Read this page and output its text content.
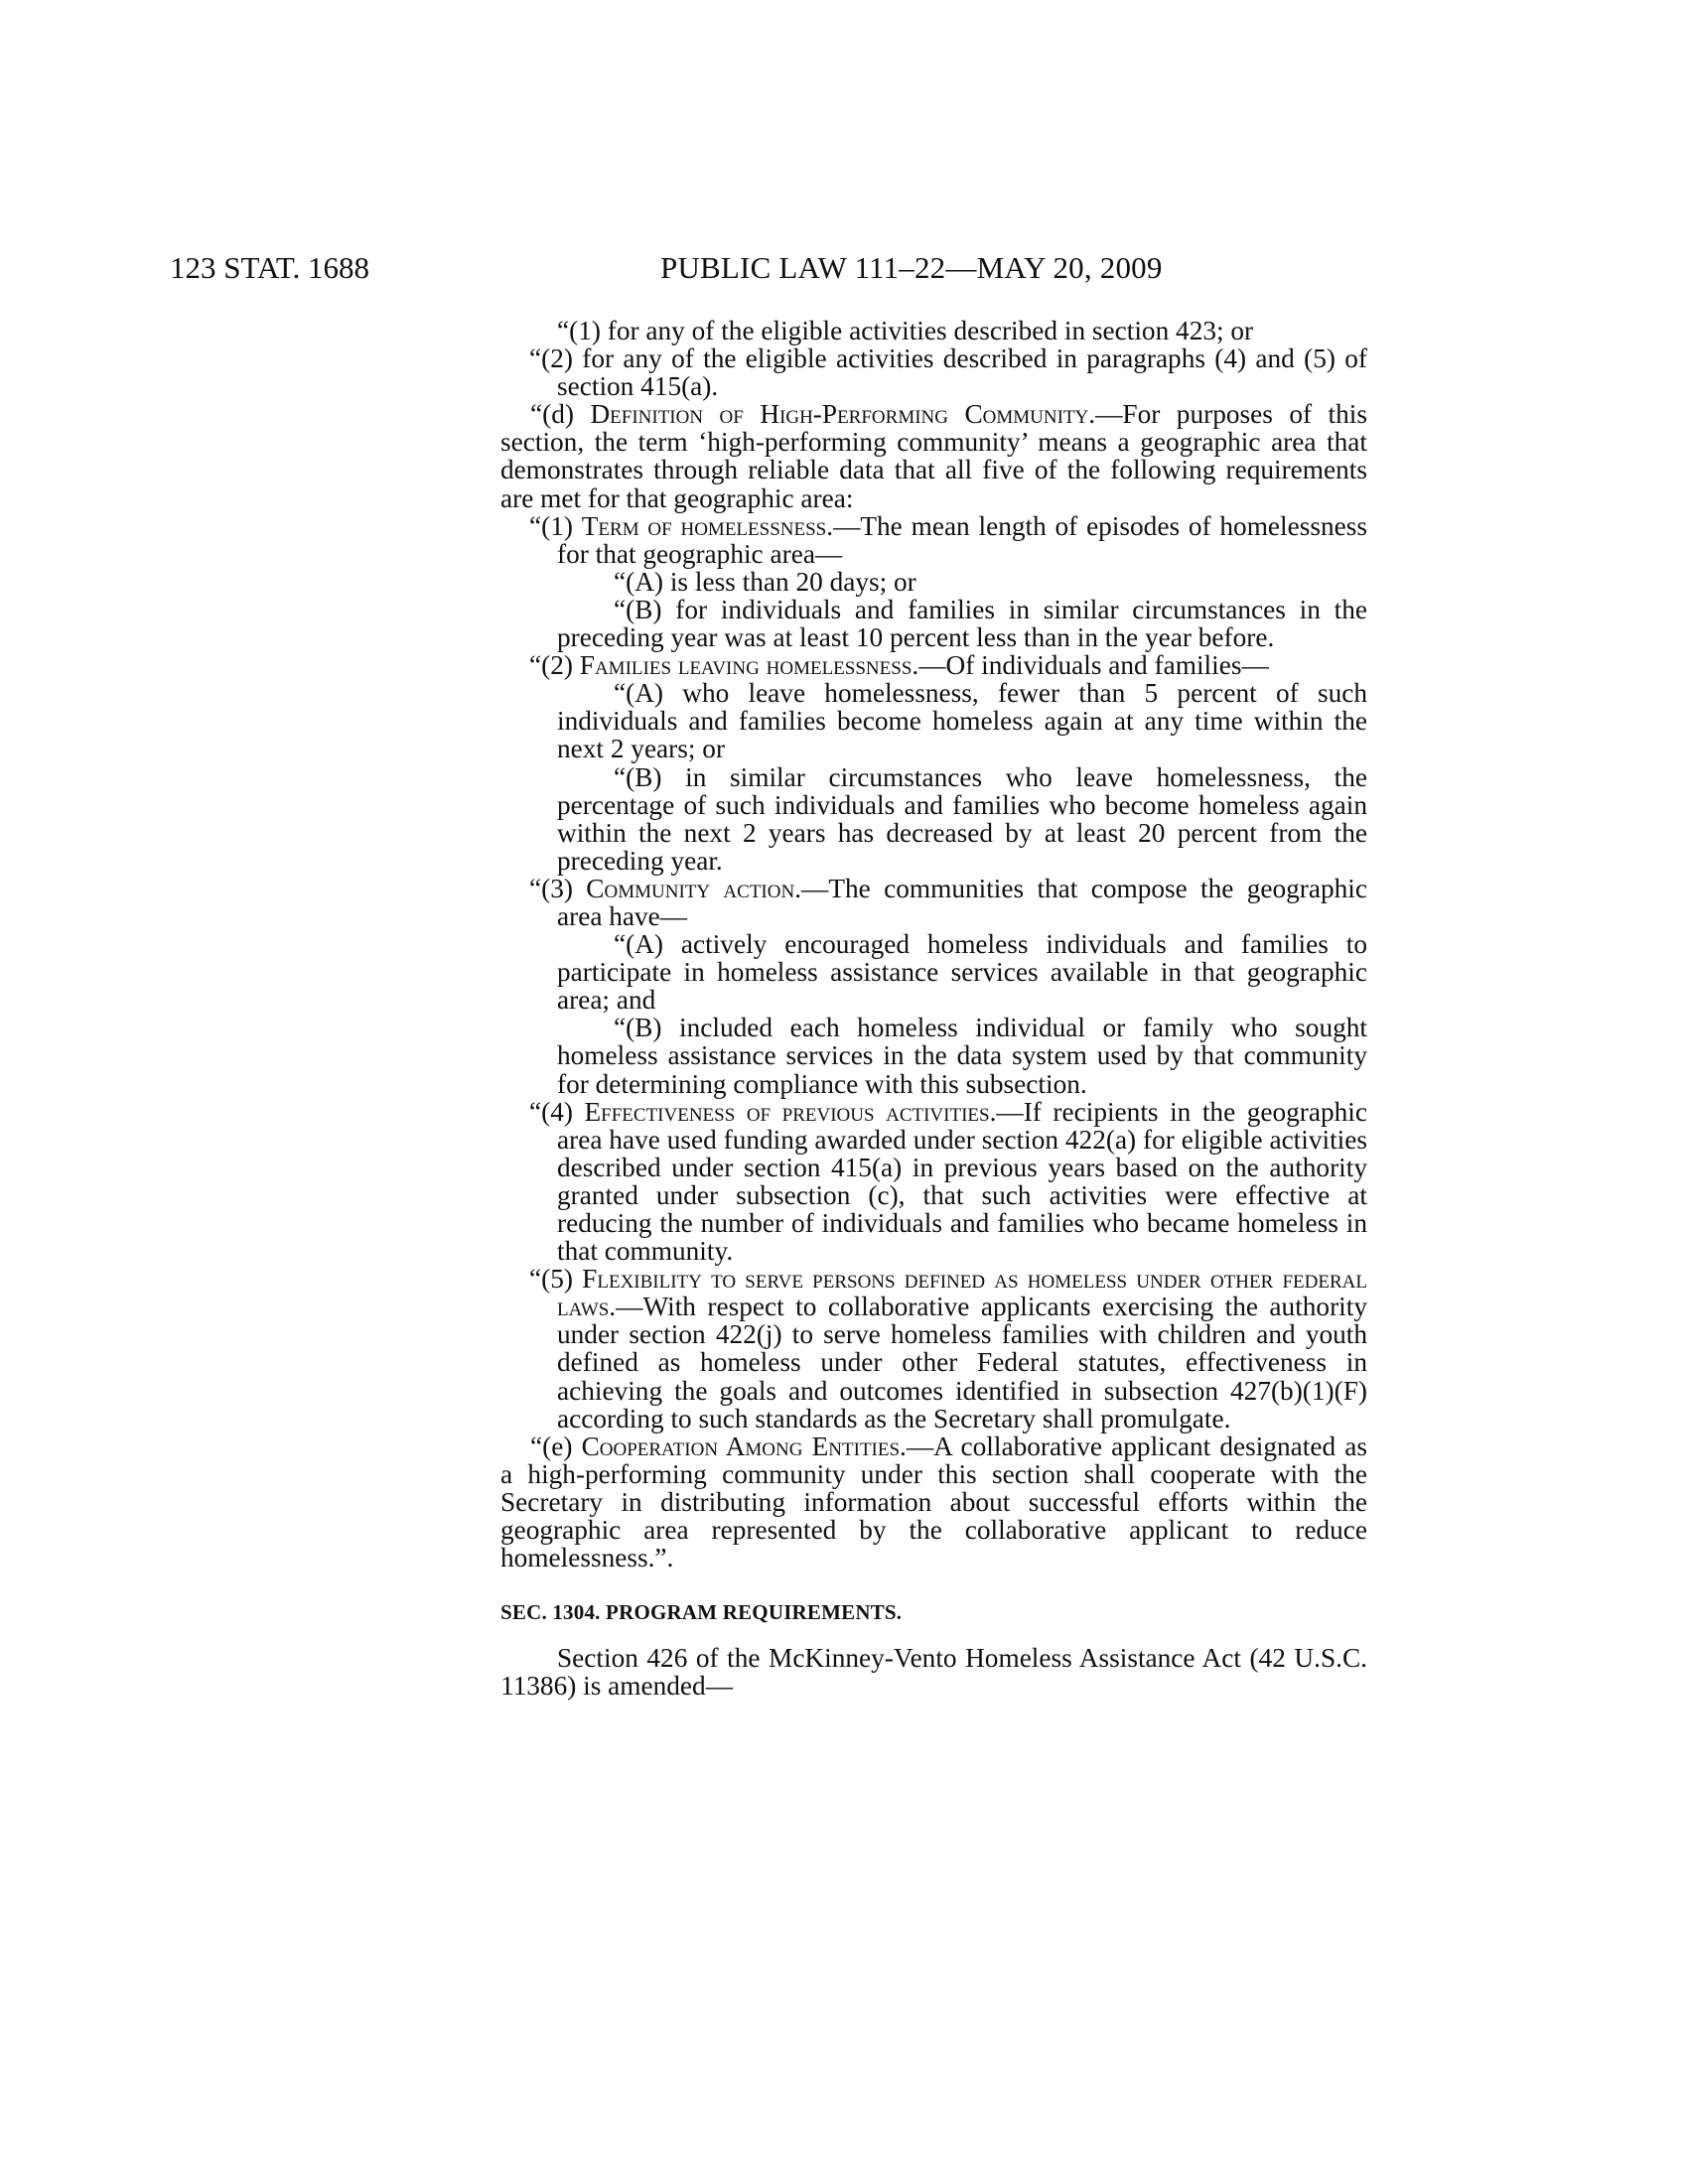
123 STAT. 1688	PUBLIC LAW 111–22—MAY 20, 2009

“(1) for any of the eligible activities described in section 423; or

“(2) for any of the eligible activities described in paragraphs (4) and (5) of section 415(a).

“(d) Definition of High-Performing Community.—For purposes of this section, the term ‘high-performing community’ means a geographic area that demonstrates through reliable data that all five of the following requirements are met for that geographic area:

“(1) Term of homelessness.—The mean length of episodes of homelessness for that geographic area—

“(A) is less than 20 days; or

“(B) for individuals and families in similar circumstances in the preceding year was at least 10 percent less than in the year before.

“(2) Families leaving homelessness.—Of individuals and families—

“(A) who leave homelessness, fewer than 5 percent of such individuals and families become homeless again at any time within the next 2 years; or

“(B) in similar circumstances who leave homelessness, the percentage of such individuals and families who become homeless again within the next 2 years has decreased by at least 20 percent from the preceding year.

“(3) Community action.—The communities that compose the geographic area have—

“(A) actively encouraged homeless individuals and families to participate in homeless assistance services available in that geographic area; and

“(B) included each homeless individual or family who sought homeless assistance services in the data system used by that community for determining compliance with this subsection.

“(4) Effectiveness of previous activities.—If recipients in the geographic area have used funding awarded under section 422(a) for eligible activities described under section 415(a) in previous years based on the authority granted under subsection (c), that such activities were effective at reducing the number of individuals and families who became homeless in that community.

“(5) Flexibility to serve persons defined as homeless under other federal laws.—With respect to collaborative applicants exercising the authority under section 422(j) to serve homeless families with children and youth defined as homeless under other Federal statutes, effectiveness in achieving the goals and outcomes identified in subsection 427(b)(1)(F) according to such standards as the Secretary shall promulgate.

“(e) Cooperation Among Entities.—A collaborative applicant designated as a high-performing community under this section shall cooperate with the Secretary in distributing information about successful efforts within the geographic area represented by the collaborative applicant to reduce homelessness.”.

SEC. 1304. PROGRAM REQUIREMENTS.

Section 426 of the McKinney-Vento Homeless Assistance Act (42 U.S.C. 11386) is amended—
